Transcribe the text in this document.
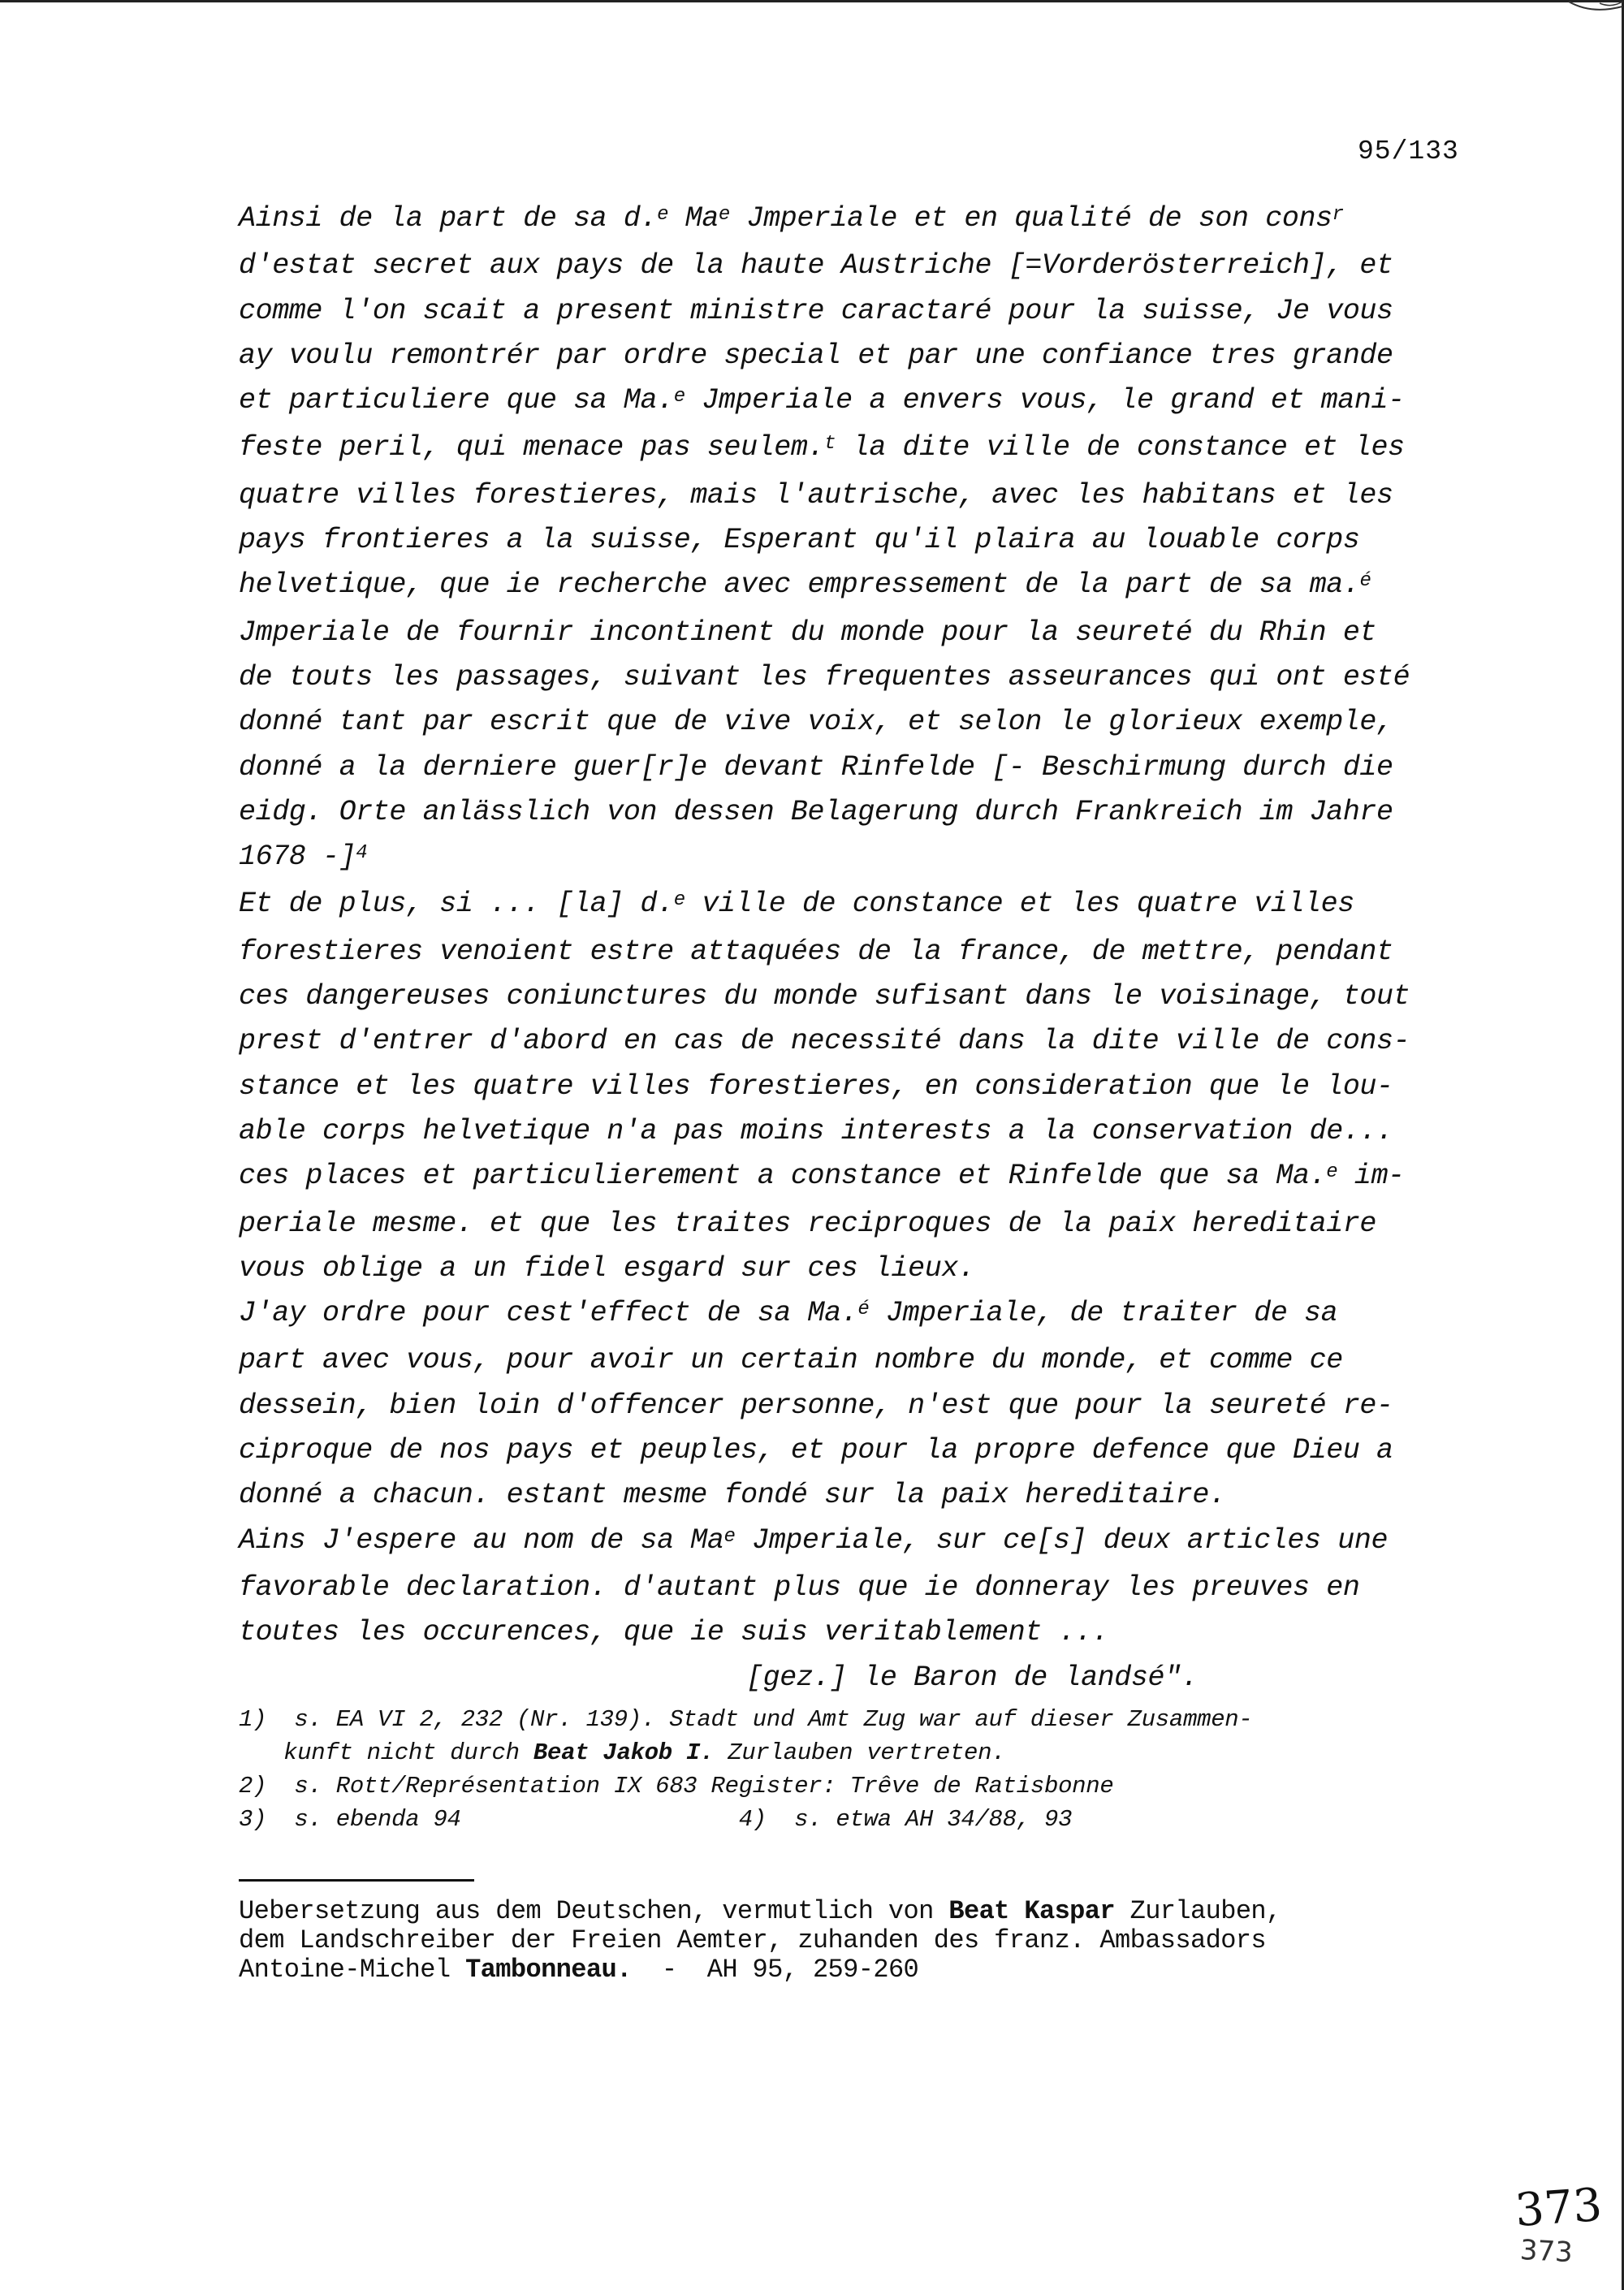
95/133
Ainsi de la part de sa d.$^e$ Ma$^e$ Jmperiale et en qualité de son cons$^r$
d'estat secret aux pays de la haute Austriche [=Vorderösterreich], et
comme l'on scait a present ministre caractaré pour la suisse, Je vous
ay voulu remontrér par ordre special et par une confiance tres grande
et particuliere que sa Ma.$^e$ Jmperiale a envers vous, le grand et mani-
feste peril, qui menace pas seulem.$^t$ la dite ville de constance et les
quatre villes forestieres, mais l'autrische, avec les habitans et les
pays frontieres a la suisse, Esperant qu'il plaira au louable corps
helvetique, que ie recherche avec empressement de la part de sa ma.$^é$
Jmperiale de fournir incontinent du monde pour la seureté du Rhin et
de touts les passages, suivant les frequentes asseurances qui ont esté
donné tant par escrit que de vive voix, et selon le glorieux exemple,
donné a la derniere guer[r]e devant Rinfelde [- Beschirmung durch die
eidg. Orte anlässlich von dessen Belagerung durch Frankreich im Jahre
1678 -]$^4$
Et de plus, si ... [la] d.$^e$ ville de constance et les quatre villes
forestieres venoient estre attaquées de la france, de mettre, pendant
ces dangereuses coniunctures du monde sufisant dans le voisinage, tout
prest d'entrer d'abord en cas de necessité dans la dite ville de cons-
stance et les quatre villes forestieres, en consideration que le lou-
able corps helvetique n'a pas moins interests a la conservation de...
ces places et particulierement a constance et Rinfelde que sa Ma.$^e$ im-
periale mesme. et que les traites reciproques de la paix hereditaire
vous oblige a un fidel esgard sur ces lieux.
J'ay ordre pour cest'effect de sa Ma.$^é$ Jmperiale, de traiter de sa
part avec vous, pour avoir un certain nombre du monde, et comme ce
dessein, bien loin d'offencer personne, n'est que pour la seureté re-
ciproque de nos pays et peuples, et pour la propre defence que Dieu a
donné a chacun. estant mesme fondé sur la paix hereditaire.
Ains J'espere au nom de sa Ma$^e$ Jmperiale, sur ce[s] deux articles une
favorable declaration. d'autant plus que ie donneray les preuves en
toutes les occurences, que ie suis veritablement ...
[gez.] le Baron de landsé".
1)  s. EA VI 2, 232 (Nr. 139). Stadt und Amt Zug war auf dieser Zusammen-
kunft nicht durch Beat Jakob I. Zurlauben vertreten.
2)  s. Rott/Représentation IX 683 Register: Trêve de Ratisbonne
3)  s. ebenda 94                    4)  s. etwa AH 34/88, 93
Uebersetzung aus dem Deutschen, vermutlich von Beat Kaspar Zurlauben,
dem Landschreiber der Freien Aemter, zuhanden des franz. Ambassadors
Antoine-Michel Tambonneau.  -  AH 95, 259-260
373
373
